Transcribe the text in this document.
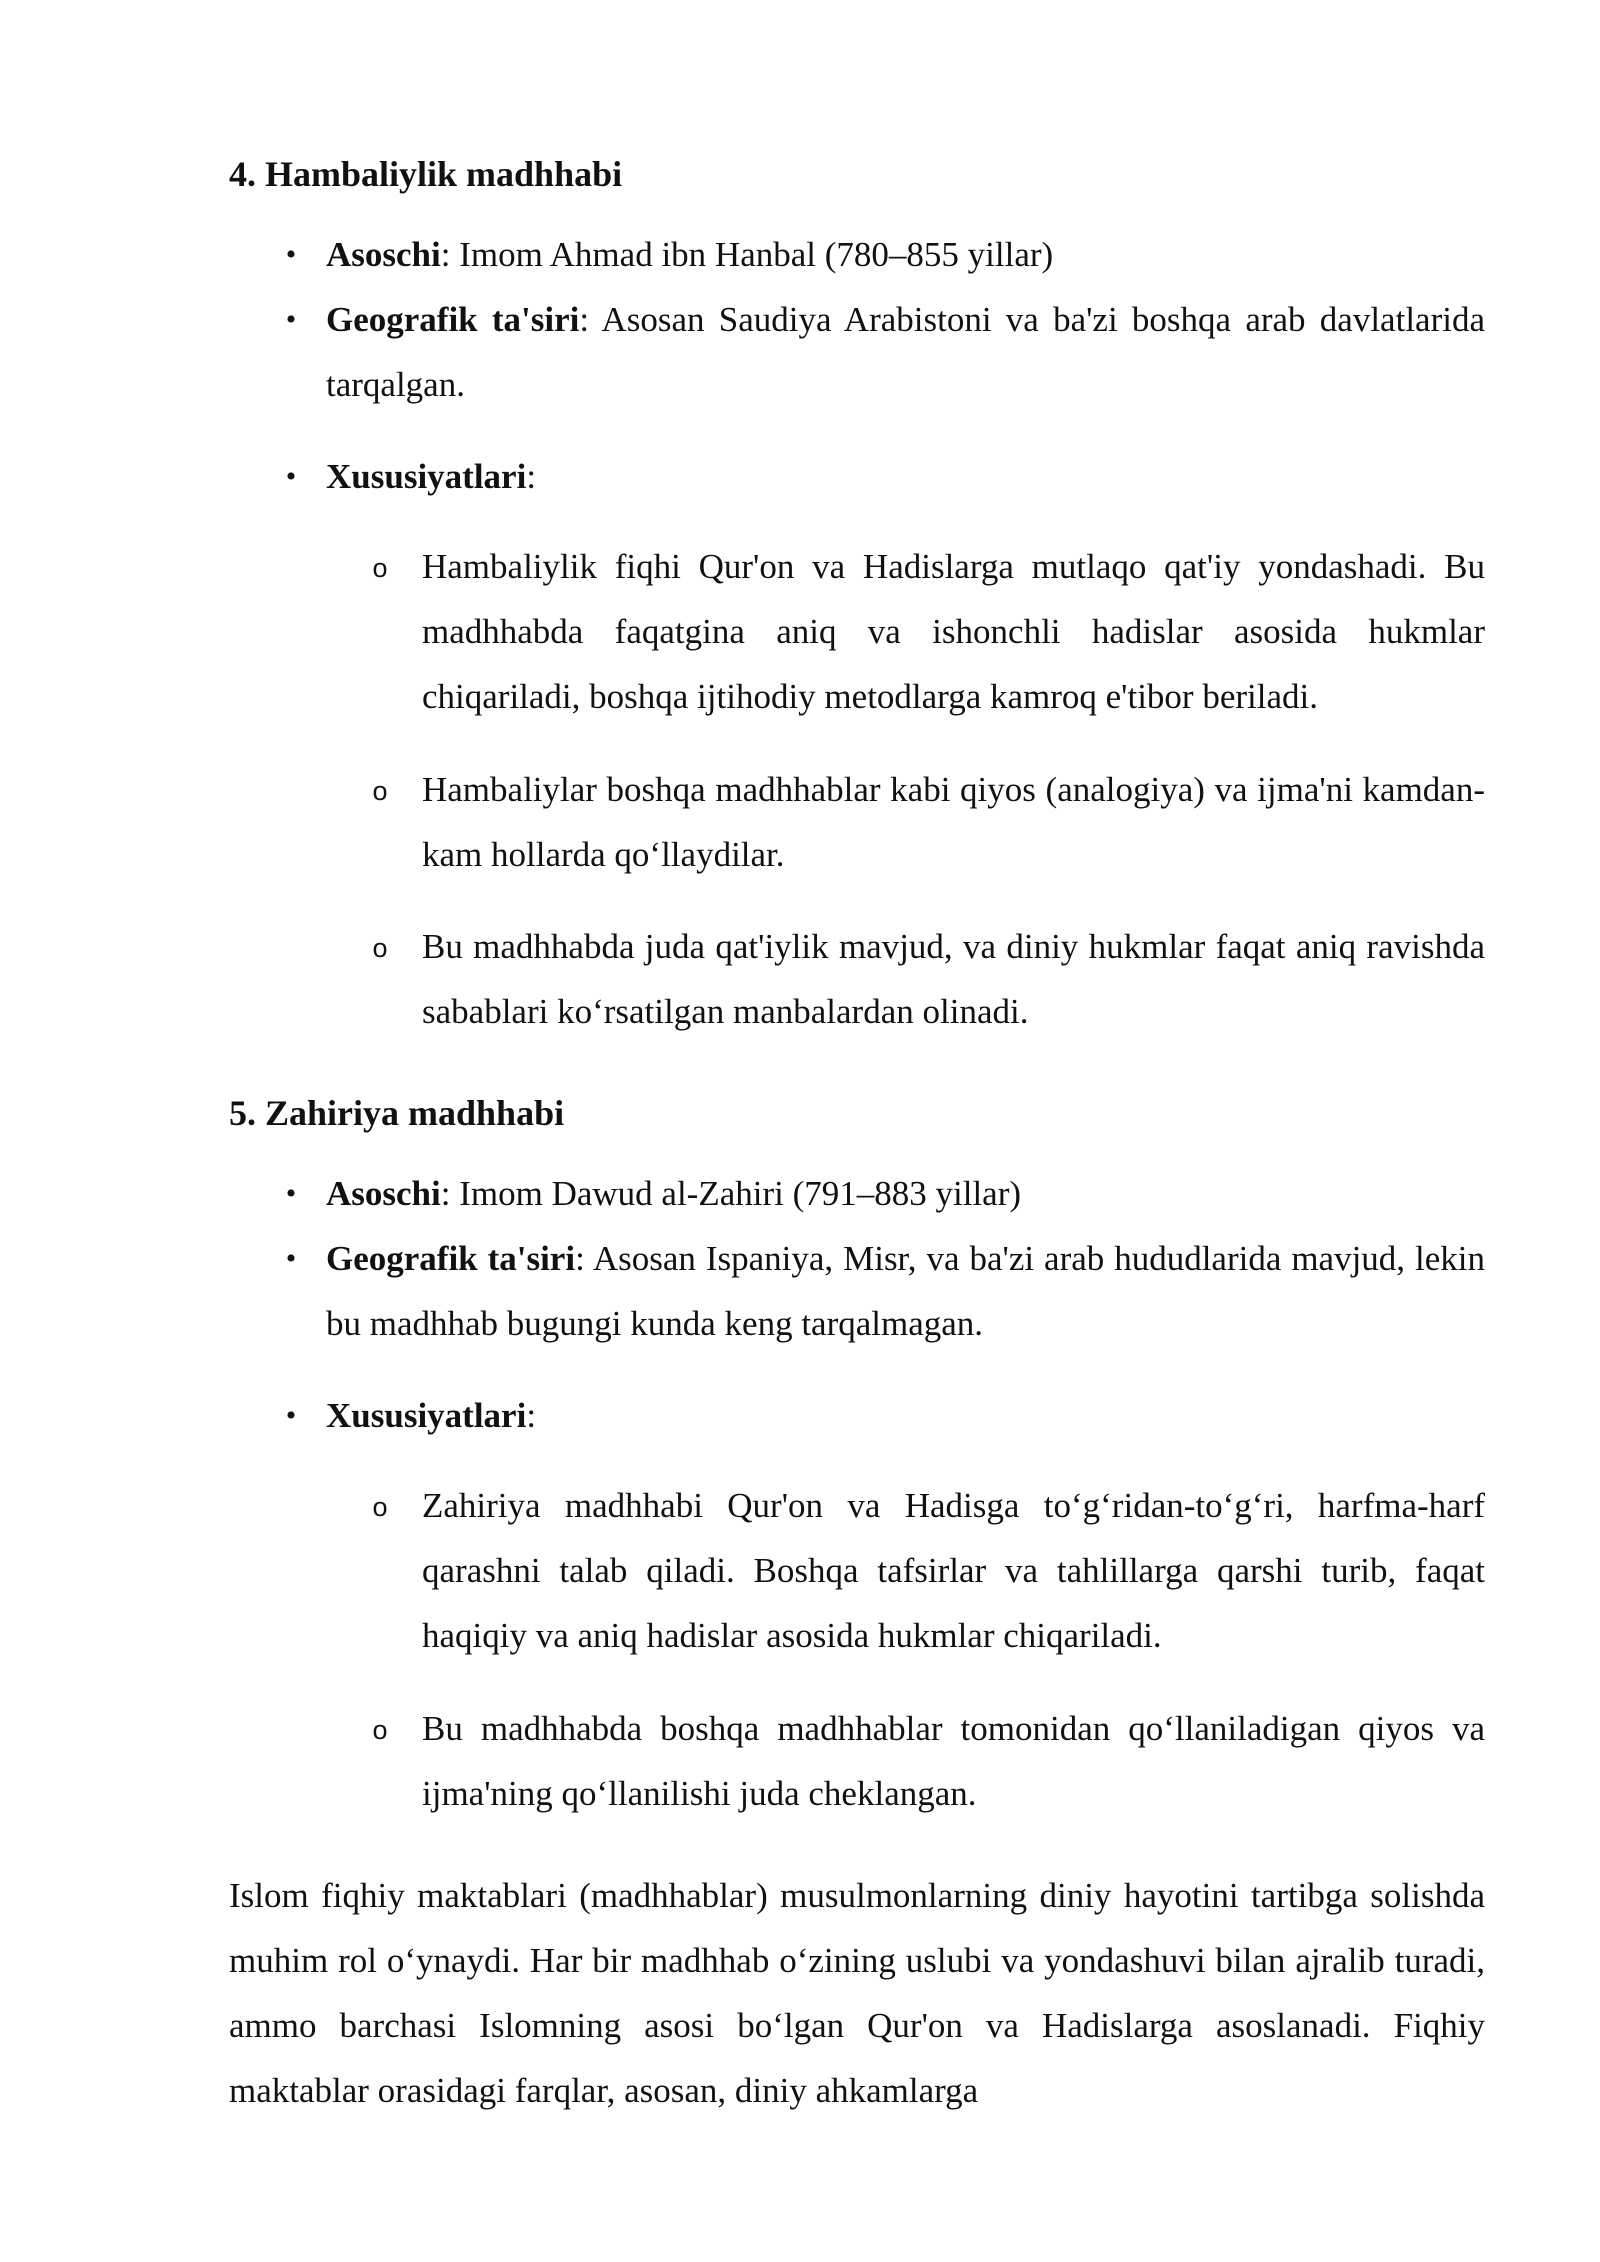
4. Hambaliylik madhhabi
• Asoschi: Imom Ahmad ibn Hanbal (780–855 yillar)
• Geografik ta'siri: Asosan Saudiya Arabistoni va ba'zi boshqa arab davlatlarida tarqalgan.
• Xususiyatlari:
o Hambaliylik fiqhi Qur'on va Hadislarga mutlaqo qat'iy yondashadi. Bu madhhabda faqatgina aniq va ishonchli hadislar asosida hukmlar chiqariladi, boshqa ijtihodiy metodlarga kamroq e'tibor beriladi.
o Hambaliylar boshqa madhhablar kabi qiyos (analogiya) va ijma'ni kamdan-kam hollarda qo‘llaydilar.
o Bu madhhabda juda qat'iylik mavjud, va diniy hukmlar faqat aniq ravishda sabablari ko‘rsatilgan manbalardan olinadi.
5. Zahiriya madhhabi
• Asoschi: Imom Dawud al-Zahiri (791–883 yillar)
• Geografik ta'siri: Asosan Ispaniya, Misr, va ba'zi arab hududlarida mavjud, lekin bu madhhab bugungi kunda keng tarqalmagan.
• Xususiyatlari:
o Zahiriya madhhabi Qur'on va Hadisga to‘g‘ridan-to‘g‘ri, harfma-harf qarashni talab qiladi. Boshqa tafsirlar va tahlillarga qarshi turib, faqat haqiqiy va aniq hadislar asosida hukmlar chiqariladi.
o Bu madhhabda boshqa madhhablar tomonidan qo‘llaniladigan qiyos va ijma'ning qo‘llanilishi juda cheklangan.
Islom fiqhiy maktablari (madhhablar) musulmonlarning diniy hayotini tartibga solishda muhim rol o‘ynaydi. Har bir madhhab o‘zining uslubi va yondashuvi bilan ajralib turadi, ammo barchasi Islomning asosi bo‘lgan Qur'on va Hadislarga asoslanadi. Fiqhiy maktablar orasidagi farqlar, asosan, diniy ahkamlarga
